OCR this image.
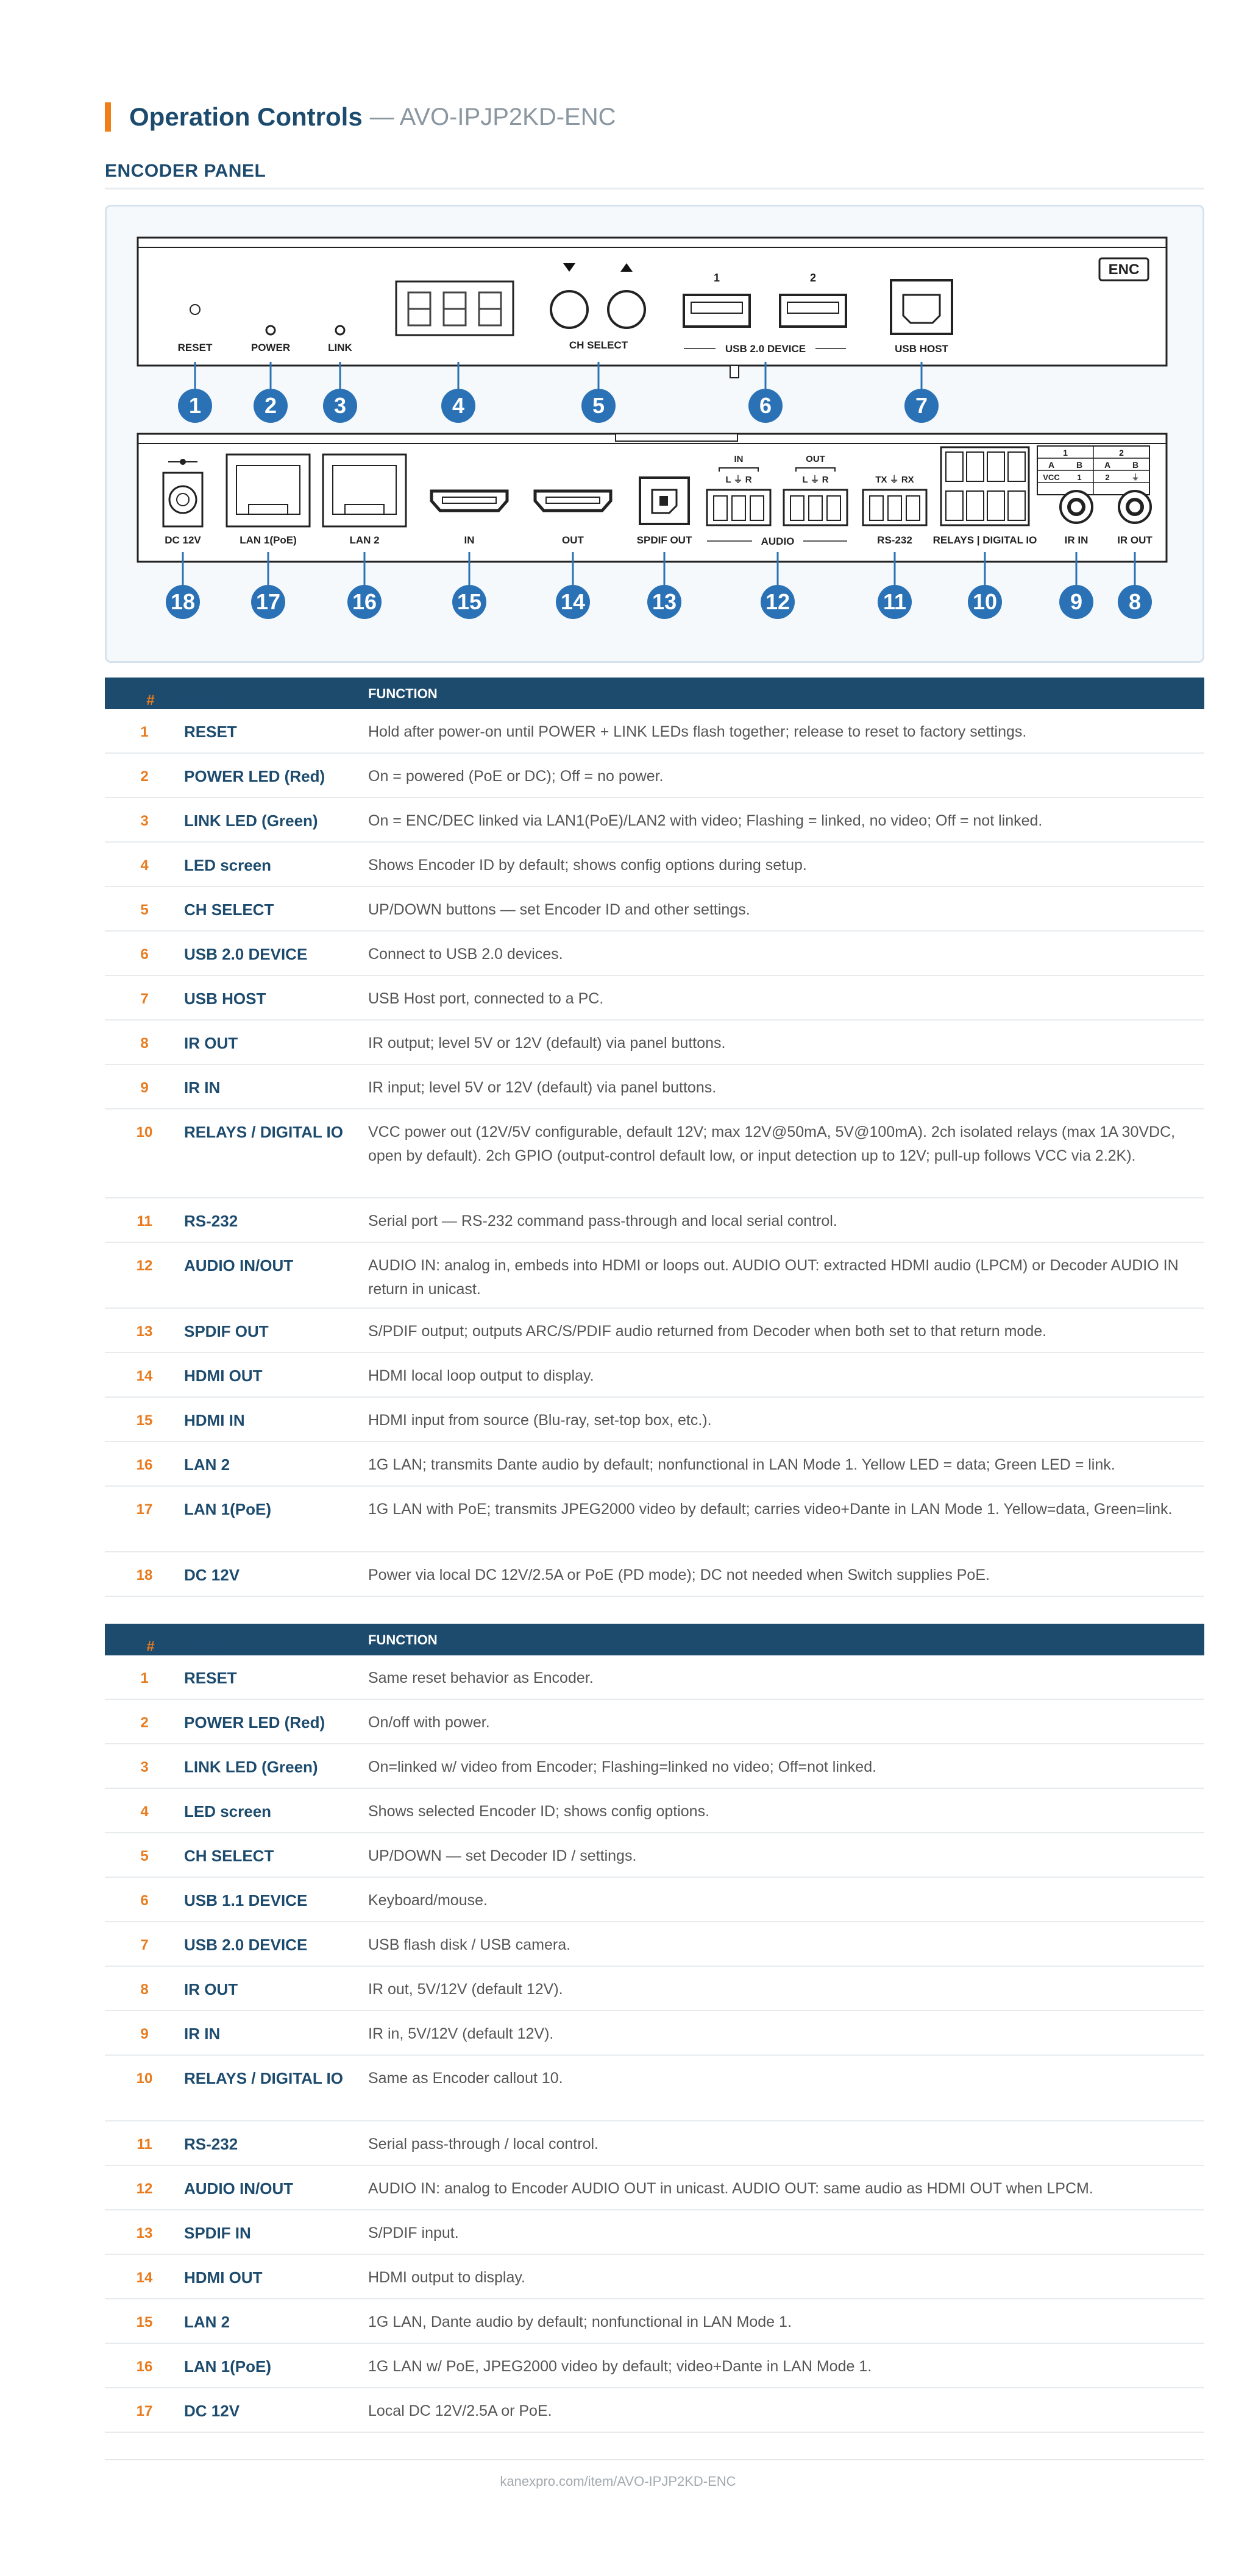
Operation Controls — AVO-IPJP2KD-ENC
ENCODER PANEL
ENC
RESET	POWER	LINK	CH SELECT
1	2
USB 2.0 DEVICE	USB HOST
DC 12V	LAN 1(PoE)	LAN 2	IN	OUT	SPDIF OUT
IN
L ⏚ R
OUT
L ⏚ R
AUDIO
TX ⏚ RX
RS-232
1	2
A	B	A	B
VCC 1	2	⏚
RELAYS | DIGITAL IO	IR IN	IR OUT
1	2	3	4	5	6	7
18	17	16	15	14	13	12	11	10	9 8
#	NAME	FUNCTION
1	RESET	Hold after power-on until POWER + LINK LEDs flash together; release to reset to factory settings.
2	POWER LED (Red)	On = powered (PoE or DC); Off = no power.
3	LINK LED (Green)	On = ENC/DEC linked via LAN1(PoE)/LAN2 with video; Flashing = linked, no video; Off = not linked.
4	LED screen	Shows Encoder ID by default; shows config options during setup.
5	CH SELECT	UP/DOWN buttons — set Encoder ID and other settings.
6	USB 2.0 DEVICE	Connect to USB 2.0 devices.
7	USB HOST	USB Host port, connected to a PC.
8	IR OUT	IR output; level 5V or 12V (default) via panel buttons.
9	IR IN	IR input; level 5V or 12V (default) via panel buttons.
10	RELAYS / DIGITAL IO	VCC power out (12V/5V configurable, default 12V; max 12V@50mA, 5V@100mA). 2ch isolated relays (max 1A 30VDC, open by default). 2ch GPIO (output-control default low, or input detection up to 12V; pull-up follows VCC via 2.2K).
11	RS-232	Serial port — RS-232 command pass-through and local serial control.
12	AUDIO IN/OUT	AUDIO IN: analog in, embeds into HDMI or loops out. AUDIO OUT: extracted HDMI audio (LPCM) or Decoder AUDIO IN return in unicast.
13	SPDIF OUT	S/PDIF output; outputs ARC/S/PDIF audio returned from Decoder when both set to that return mode.
14	HDMI OUT	HDMI local loop output to display.
15	HDMI IN	HDMI input from source (Blu-ray, set-top box, etc.).
16	LAN 2	1G LAN; transmits Dante audio by default; nonfunctional in LAN Mode 1. Yellow LED = data; Green LED = link.
17	LAN 1(PoE)	1G LAN with PoE; transmits JPEG2000 video by default; carries video+Dante in LAN Mode 1. Yellow=data, Green=link.
18	DC 12V	Power via local DC 12V/2.5A or PoE (PD mode); DC not needed when Switch supplies PoE.
#	NAME	FUNCTION
1	RESET	Same reset behavior as Encoder.
2	POWER LED (Red)	On/off with power.
3	LINK LED (Green)	On=linked w/ video from Encoder; Flashing=linked no video; Off=not linked.
4	LED screen	Shows selected Encoder ID; shows config options.
5	CH SELECT	UP/DOWN — set Decoder ID / settings.
6	USB 1.1 DEVICE	Keyboard/mouse.
7	USB 2.0 DEVICE	USB flash disk / USB camera.
8	IR OUT	IR out, 5V/12V (default 12V).
9	IR IN	IR in, 5V/12V (default 12V).
10	RELAYS / DIGITAL IO	Same as Encoder callout 10.
11	RS-232	Serial pass-through / local control.
12	AUDIO IN/OUT	AUDIO IN: analog to Encoder AUDIO OUT in unicast. AUDIO OUT: same audio as HDMI OUT when LPCM.
13	SPDIF IN	S/PDIF input.
14	HDMI OUT	HDMI output to display.
15	LAN 2	1G LAN, Dante audio by default; nonfunctional in LAN Mode 1.
16	LAN 1(PoE)	1G LAN w/ PoE, JPEG2000 video by default; video+Dante in LAN Mode 1.
17	DC 12V	Local DC 12V/2.5A or PoE.
kanexpro.com/item/AVO-IPJP2KD-ENC
